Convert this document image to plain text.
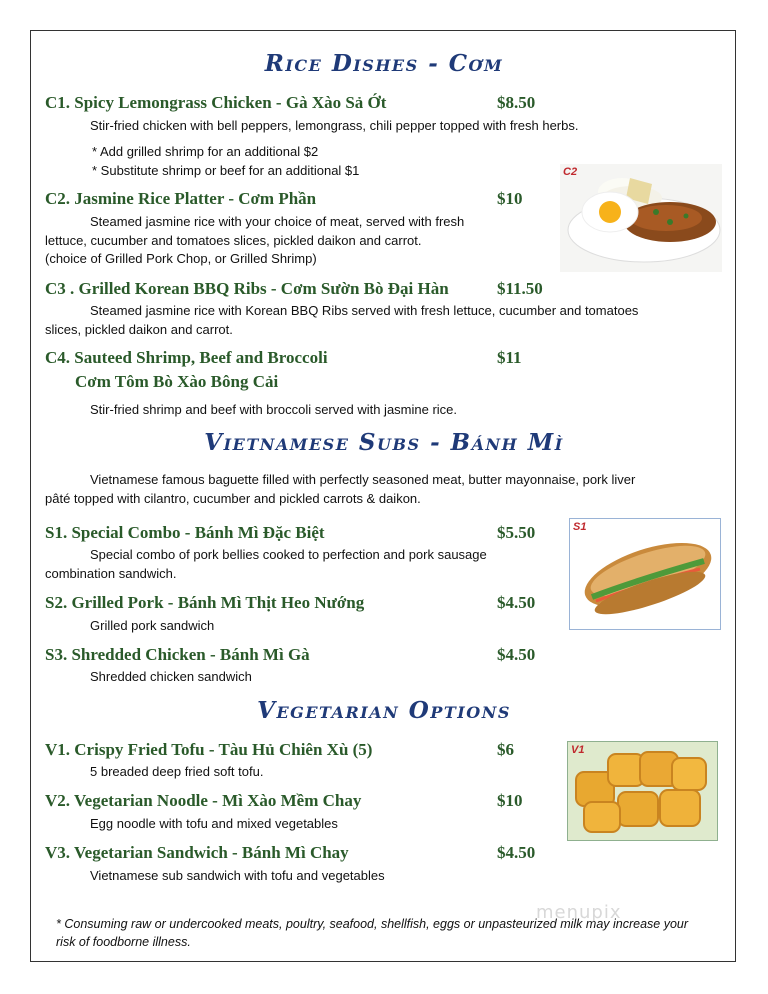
Rice Dishes - Cơm
C1. Spicy Lemongrass Chicken - Gà Xào Sả Ớt	$8.50
Stir-fried chicken with bell peppers, lemongrass, chili pepper topped with fresh herbs.
* Add grilled shrimp for an additional $2
* Substitute shrimp or beef for an additional $1
C2. Jasmine Rice Platter - Cơm Phần	$10
Steamed jasmine rice with your choice of meat, served with fresh
lettuce, cucumber and tomatoes slices, pickled daikon and carrot.
(choice of Grilled Pork Chop, or Grilled Shrimp)
C2
C3 . Grilled Korean BBQ Ribs - Cơm Sườn Bò Đại Hàn	$11.50
Steamed jasmine rice with Korean BBQ Ribs served with fresh lettuce, cucumber and tomatoes
slices, pickled daikon and carrot.
C4. Sauteed Shrimp, Beef and Broccoli	$11
Cơm Tôm Bò Xào Bông Cải
Stir-fried shrimp and beef with broccoli served with jasmine rice.
Vietnamese Subs - Bánh Mì
Vietnamese famous baguette filled with perfectly seasoned meat, butter mayonnaise, pork liver
pâté topped with cilantro, cucumber and pickled carrots & daikon.
S1. Special Combo - Bánh Mì Đặc Biệt	$5.50
Special combo of pork bellies cooked to perfection and pork sausage
combination sandwich.
S1
S2. Grilled Pork - Bánh Mì Thịt Heo Nướng	$4.50
Grilled pork sandwich
S3. Shredded Chicken - Bánh Mì Gà	$4.50
Shredded chicken sandwich
Vegetarian Options
V1. Crispy Fried Tofu - Tàu Hủ Chiên Xù (5)	$6
5 breaded deep fried soft tofu.
V1
V2. Vegetarian Noodle - Mì Xào Mềm Chay	$10
Egg noodle with tofu and mixed vegetables
V3. Vegetarian Sandwich - Bánh Mì Chay	$4.50
Vietnamese sub sandwich with tofu and vegetables
menupix
* Consuming raw or undercooked meats, poultry, seafood, shellfish, eggs or unpasteurized milk may increase your
risk of foodborne illness.
